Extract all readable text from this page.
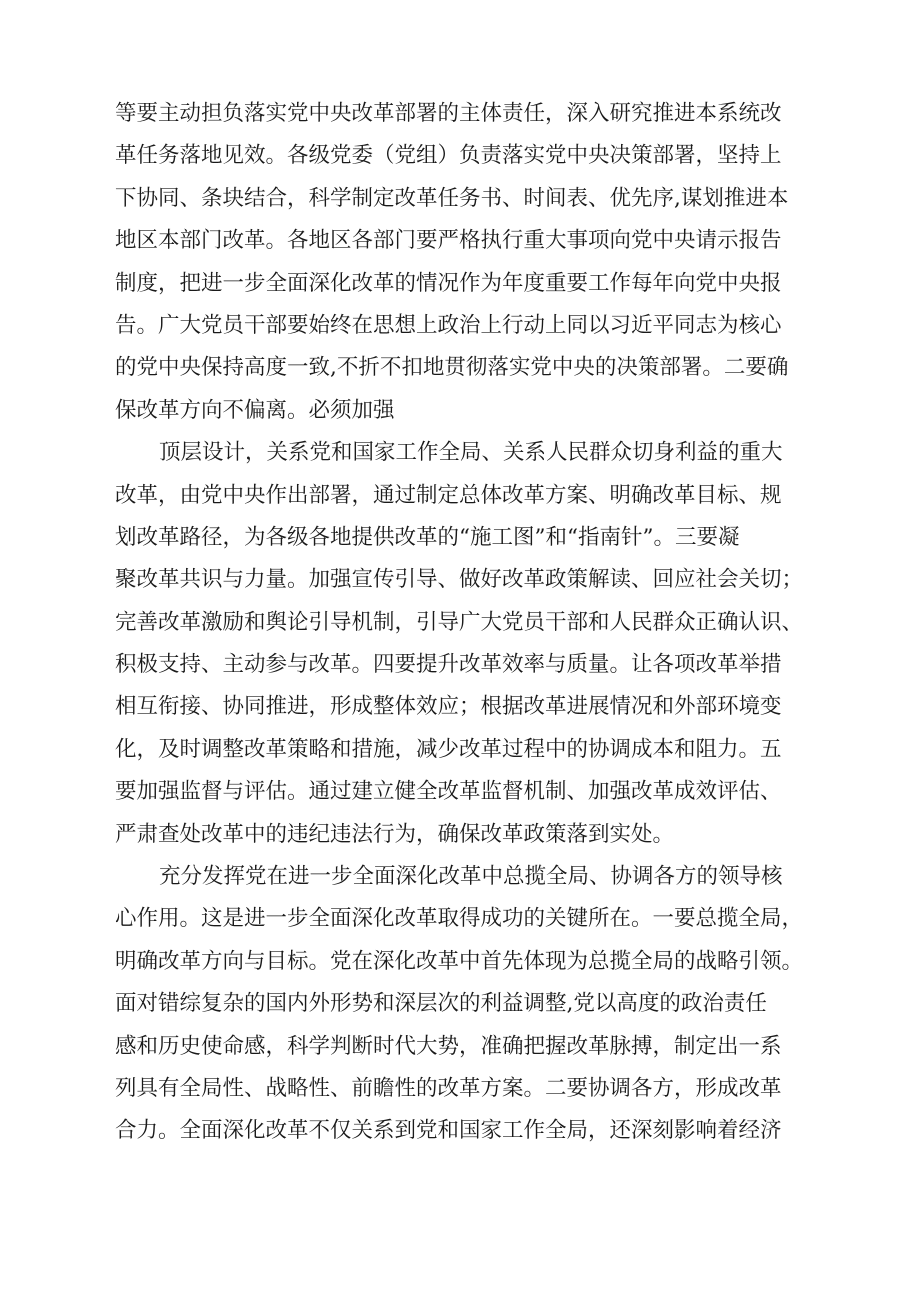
等要主动担负落实党中央改革部署的主体责任，深入研究推进本系统改
革任务落地见效。各级党委（党组）负责落实党中央决策部署，坚持上
下协同、条块结合，科学制定改革任务书、时间表、优先序,谋划推进本
地区本部门改革。各地区各部门要严格执行重大事项向党中央请示报告
制度，把进一步全面深化改革的情况作为年度重要工作每年向党中央报
告。广大党员干部要始终在思想上政治上行动上同以习近平同志为核心
的党中央保持高度一致,不折不扣地贯彻落实党中央的决策部署。二要确
保改革方向不偏离。必须加强
顶层设计，关系党和国家工作全局、关系人民群众切身利益的重大
改革，由党中央作出部署，通过制定总体改革方案、明确改革目标、规
划改革路径，为各级各地提供改革的“施工图”和“指南针”。三要凝
聚改革共识与力量。加强宣传引导、做好改革政策解读、回应社会关切；
完善改革激励和舆论引导机制，引导广大党员干部和人民群众正确认识、
积极支持、主动参与改革。四要提升改革效率与质量。让各项改革举措
相互衔接、协同推进，形成整体效应；根据改革进展情况和外部环境变
化，及时调整改革策略和措施，减少改革过程中的协调成本和阻力。五
要加强监督与评估。通过建立健全改革监督机制、加强改革成效评估、
严肃查处改革中的违纪违法行为，确保改革政策落到实处。
充分发挥党在进一步全面深化改革中总揽全局、协调各方的领导核
心作用。这是进一步全面深化改革取得成功的关键所在。一要总揽全局，
明确改革方向与目标。党在深化改革中首先体现为总揽全局的战略引领。
面对错综复杂的国内外形势和深层次的利益调整,党以高度的政治责任
感和历史使命感，科学判断时代大势，准确把握改革脉搏，制定出一系
列具有全局性、战略性、前瞻性的改革方案。二要协调各方，形成改革
合力。全面深化改革不仅关系到党和国家工作全局，还深刻影响着经济
